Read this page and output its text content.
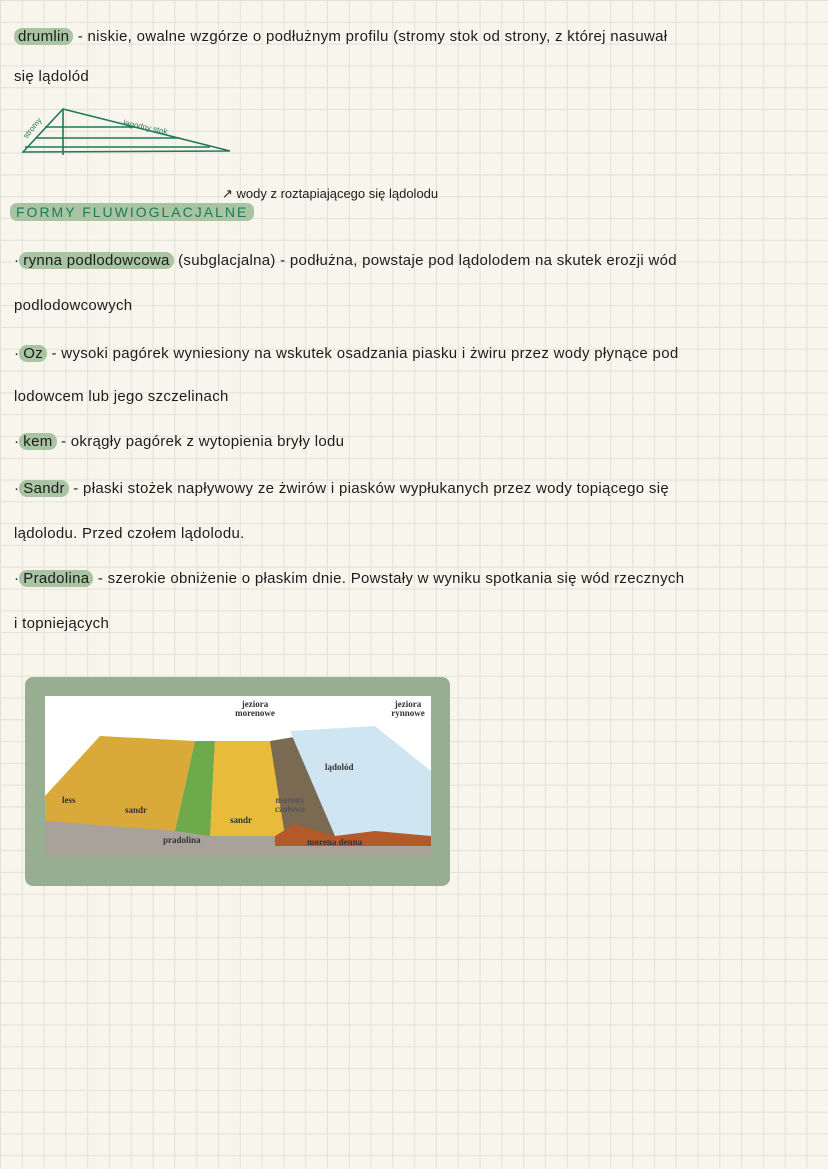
drumlin - niskie, owalne wzgórze o podłużnym profilu (stromy stok od strony, z której nasuwał
się lądolód
stromy	łagodny stok
↗ wody z roztapiającego się lądolodu
FORMY FLUWIOGLACJALNE
· rynna podlodowcowa (subglacjalna) - podłużna, powstaje pod lądolodem na skutek erozji wód
podlodowcowych
· Oz - wysoki pagórek wyniesiony na wskutek osadzania piasku i żwiru przez wody płynące pod
lodowcem lub jego szczelinach
· kem - okrągły pagórek z wytopienia bryły lodu
· Sandr - płaski stożek napływowy ze żwirów i piasków wypłukanych przez wody topiącego się
lądolodu. Przed czołem lądolodu.
· Pradolina - szerokie obniżenie o płaskim dnie. Powstały w wyniku spotkania się wód rzecznych
i topniejących
jeziora morenowe
jeziora rynnowe
lądolód
less
sandr
sandr
pradolina
moreny czołowe
morena denna
